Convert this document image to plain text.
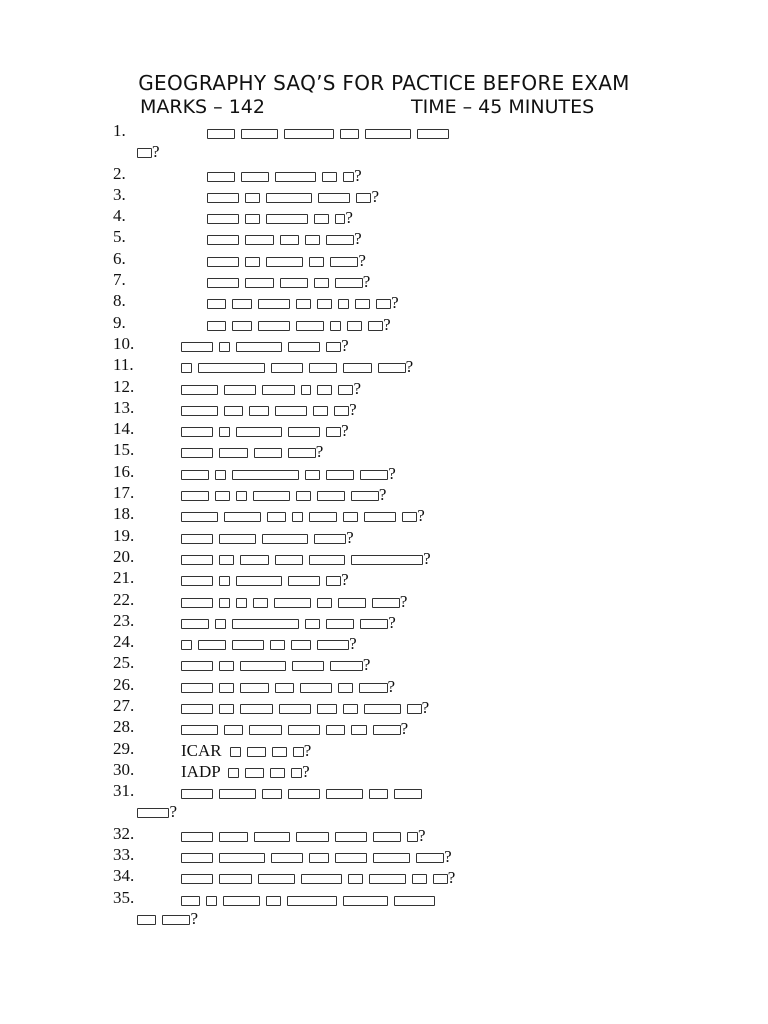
GEOGRAPHY SAQ’S FOR PACTICE BEFORE EXAM
MARKS – 142	TIME – 45 MINUTES
1.
?
2.	?
3.	?
4.	?
5.	?
6.	?
7.	?
8.	?
9.	?
10.	?
11.	?
12.	?
13.	?
14.	?
15.	?
16.	?
17.	?
18.	?
19.	?
20.	?
21.	?
22.	?
23.	?
24.	?
25.	?
26.	?
27.	?
28.	?
29.	ICAR	?
30.	IADP	?
31.
?
32.	?
33.	?
34.	?
35.
?
